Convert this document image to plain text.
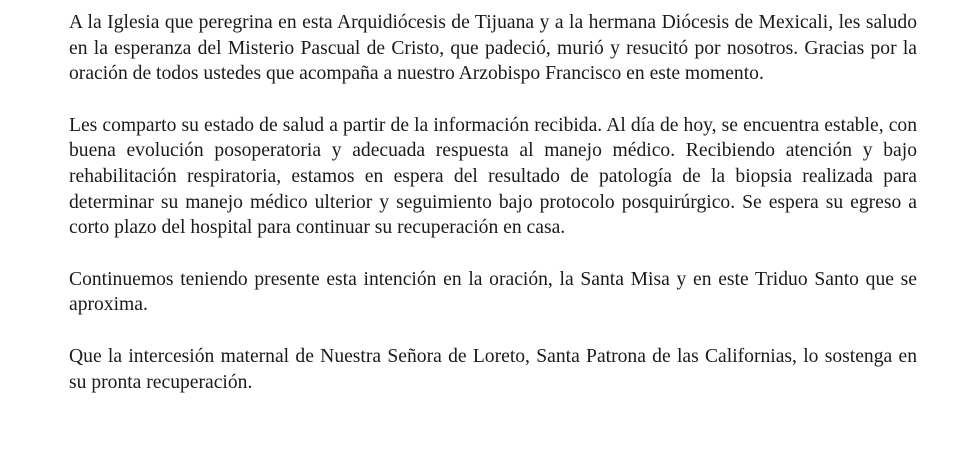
A la Iglesia que peregrina en esta Arquidiócesis de Tijuana y a la hermana Diócesis de Mexicali, les saludo en la esperanza del Misterio Pascual de Cristo, que padeció, murió y resucitó por nosotros. Gracias por la oración de todos ustedes que acompaña a nuestro Arzobispo Francisco en este momento.

Les comparto su estado de salud a partir de la información recibida. Al día de hoy, se encuentra estable, con buena evolución posoperatoria y adecuada respuesta al manejo médico. Recibiendo atención y bajo rehabilitación respiratoria, estamos en espera del resultado de patología de la biopsia realizada para determinar su manejo médico ulterior y seguimiento bajo protocolo posquirúrgico. Se espera su egreso a corto plazo del hospital para continuar su recuperación en casa.

Continuemos teniendo presente esta intención en la oración, la Santa Misa y en este Triduo Santo que se aproxima.

Que la intercesión maternal de Nuestra Señora de Loreto, Santa Patrona de las Californias, lo sostenga en su pronta recuperación.
